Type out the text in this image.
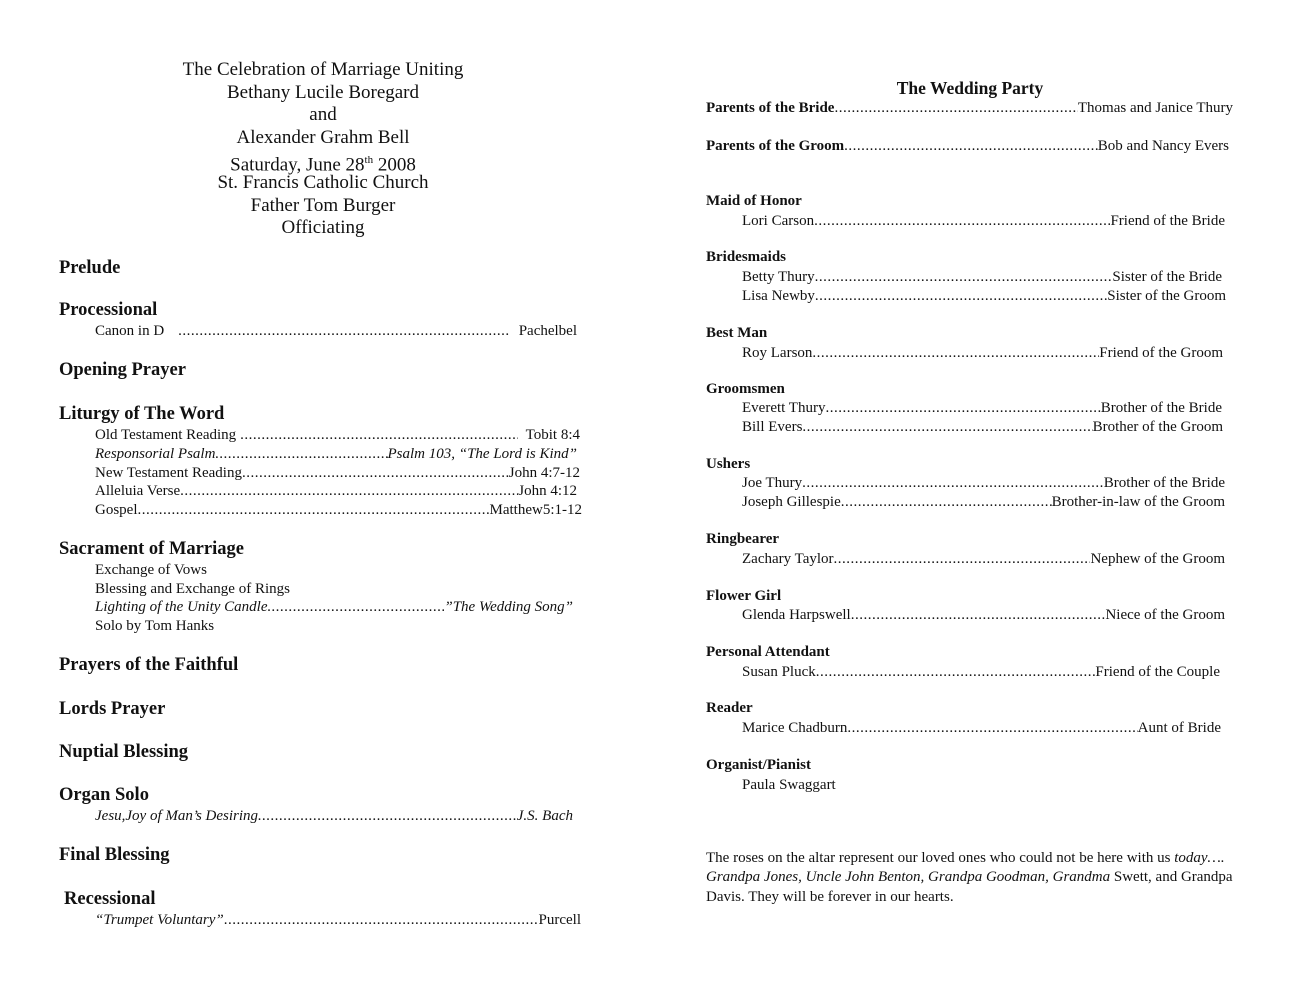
The Celebration of Marriage Uniting
Bethany Lucile Boregard
and
Alexander Grahm Bell
Saturday, June 28th 2008
St. Francis Catholic Church
Father Tom Burger
Officiating
Prelude
Processional
Canon in D .....	Pachelbel
Opening Prayer
Liturgy of The Word
Old Testament Reading .....	Tobit 8:4
Responsorial Psalm .....	Psalm 103, “The Lord is Kind”
New Testament Reading .....	John 4:7-12
Alleluia Verse .....	John 4:12
Gospel .....	Matthew5:1-12
Sacrament of Marriage
Exchange of Vows
Blessing and Exchange of Rings
Lighting of the Unity Candle .....	”The Wedding Song”
Solo by Tom Hanks
Prayers of the Faithful
Lords Prayer
Nuptial Blessing
Organ Solo
Jesu,Joy of Man’s Desiring .....	J.S. Bach
Final Blessing
Recessional
“Trumpet Voluntary” .....	Purcell
The Wedding Party
Parents of the Bride .....	Thomas and Janice Thury
Parents of the Groom .....	Bob and Nancy Evers
Maid of Honor
Lori Carson .....	Friend of the Bride
Bridesmaids
Betty Thury .....	Sister of the Bride
Lisa Newby .....	Sister of the Groom
Best Man
Roy Larson .....	Friend of the Groom
Groomsmen
Everett Thury .....	Brother of the Bride
Bill Evers .....	Brother of the Groom
Ushers
Joe Thury .....	Brother of the Bride
Joseph Gillespie .....	Brother-in-law of the Groom
Ringbearer
Zachary Taylor .....	Nephew of the Groom
Flower Girl
Glenda Harpswell .....	Niece of the Groom
Personal Attendant
Susan Pluck .....	Friend of the Couple
Reader
Marice Chadburn .....	Aunt of Bride
Organist/Pianist
Paula Swaggart
The roses on the altar represent our loved ones who could not be here with us today…. Grandpa Jones, Uncle John Benton, Grandpa Goodman, Grandma Swett, and Grandpa Davis. They will be forever in our hearts.
